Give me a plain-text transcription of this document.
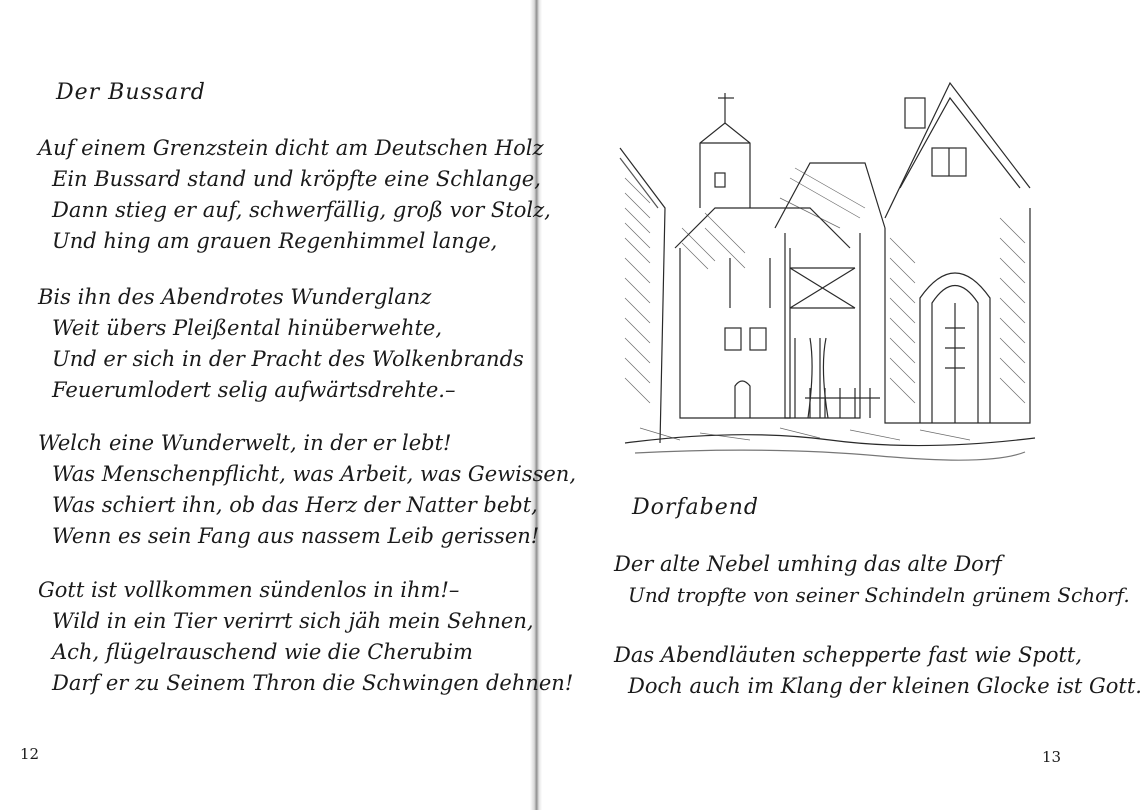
Der Bussard
Auf einem Grenzstein dicht am Deutschen Holz
Ein Bussard stand und kröpfte eine Schlange,
Dann stieg er auf, schwerfällig, groß vor Stolz,
Und hing am grauen Regenhimmel lange,
Bis ihn des Abendrotes Wunderglanz
Weit übers Pleißental hinüberwehte,
Und er sich in der Pracht des Wolkenbrands
Feuerumlodert selig aufwärtsdrehte.–
Welch eine Wunderwelt, in der er lebt!
Was Menschenpflicht, was Arbeit, was Gewissen,
Was schiert ihn, ob das Herz der Natter bebt,
Wenn es sein Fang aus nassem Leib gerissen!
Gott ist vollkommen sündenlos in ihm!–
Wild in ein Tier verirrt sich jäh mein Sehnen,
Ach, flügelrauschend wie die Cherubim
Darf er zu Seinem Thron die Schwingen dehnen!
12
Dorfabend
Der alte Nebel umhing das alte Dorf
Und tropfte von seiner Schindeln grünem Schorf.
Das Abendläuten schepperte fast wie Spott,
Doch auch im Klang der kleinen Glocke ist Gott.
13
